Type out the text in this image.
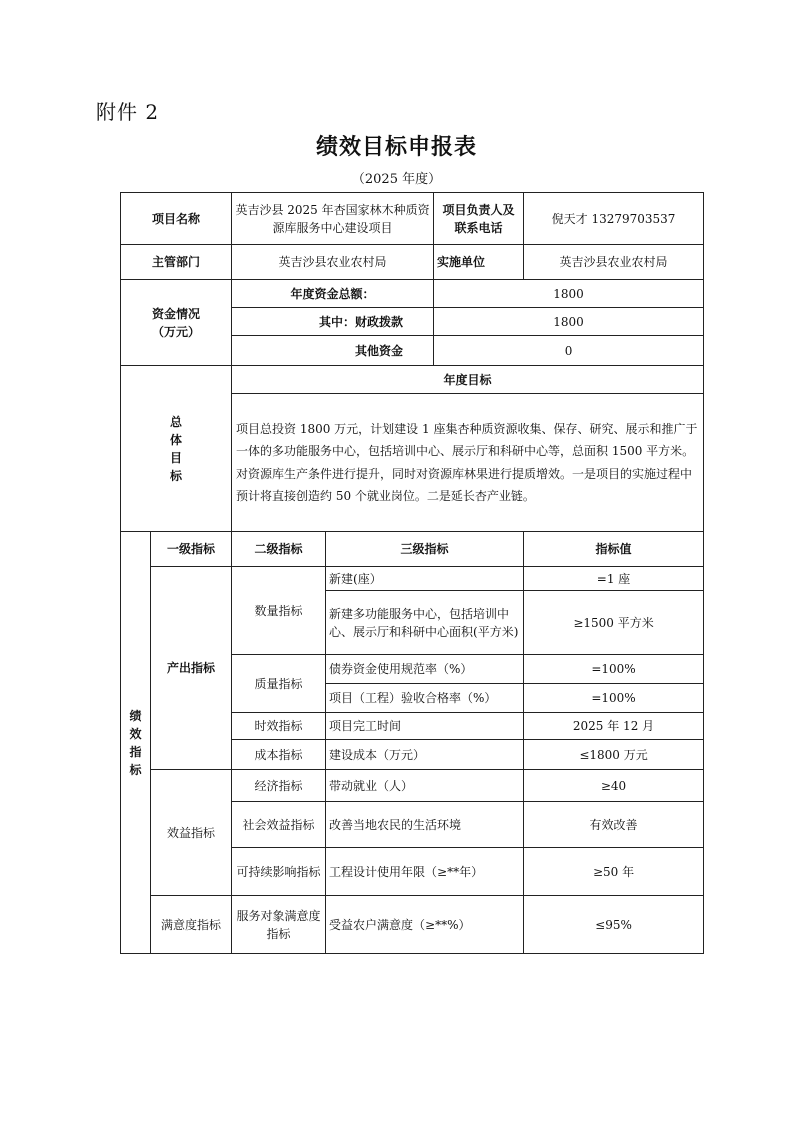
附件 2
绩效目标申报表
（2025 年度）
项目名称		英吉沙县 2025 年杏国家林木种质资源库服务中心建设项目		项目负责人及联系电话	倪天才 13279703537
主管部门		英吉沙县农业农村局		实施单位	英吉沙县农业农村局

资金情况
（万元）		年度资金总额：		1800	
		其中：财政拨款		1800	
		其他资金		0	

总
体
目
标		年度目标			
		项目总投资 1800 万元，计划建设 1 座集杏种质资源收集、保存、研究、展示和推广于一体的多功能服务中心，包括培训中心、展示厅和科研中心等，总面积 1500 平方米。对资源库生产条件进行提升，同时对资源库林果进行提质增效。一是项目的实施过程中预计将直接创造约 50 个就业岗位。二是延长杏产业链。			

绩
效
指
标	一级指标	二级指标	三级指标		指标值
	产出指标	数量指标	新建(座）		=1 座
			新建多功能服务中心，包括培训中心、展示厅和科研中心面积(平方米)		≥1500 平方米
		质量指标	债券资金使用规范率（%）		=100%
			项目（工程）验收合格率（%）		=100%
		时效指标	项目完工时间		2025 年 12 月
		成本指标	建设成本（万元）		≤1800 万元
	效益指标	经济指标	带动就业（人）		≥40
		社会效益指标	改善当地农民的生活环境		有效改善
		可持续影响指标	工程设计使用年限（≥**年）		≥50 年
	满意度指标	服务对象满意度指标	受益农户满意度（≥**%）		≤95%
